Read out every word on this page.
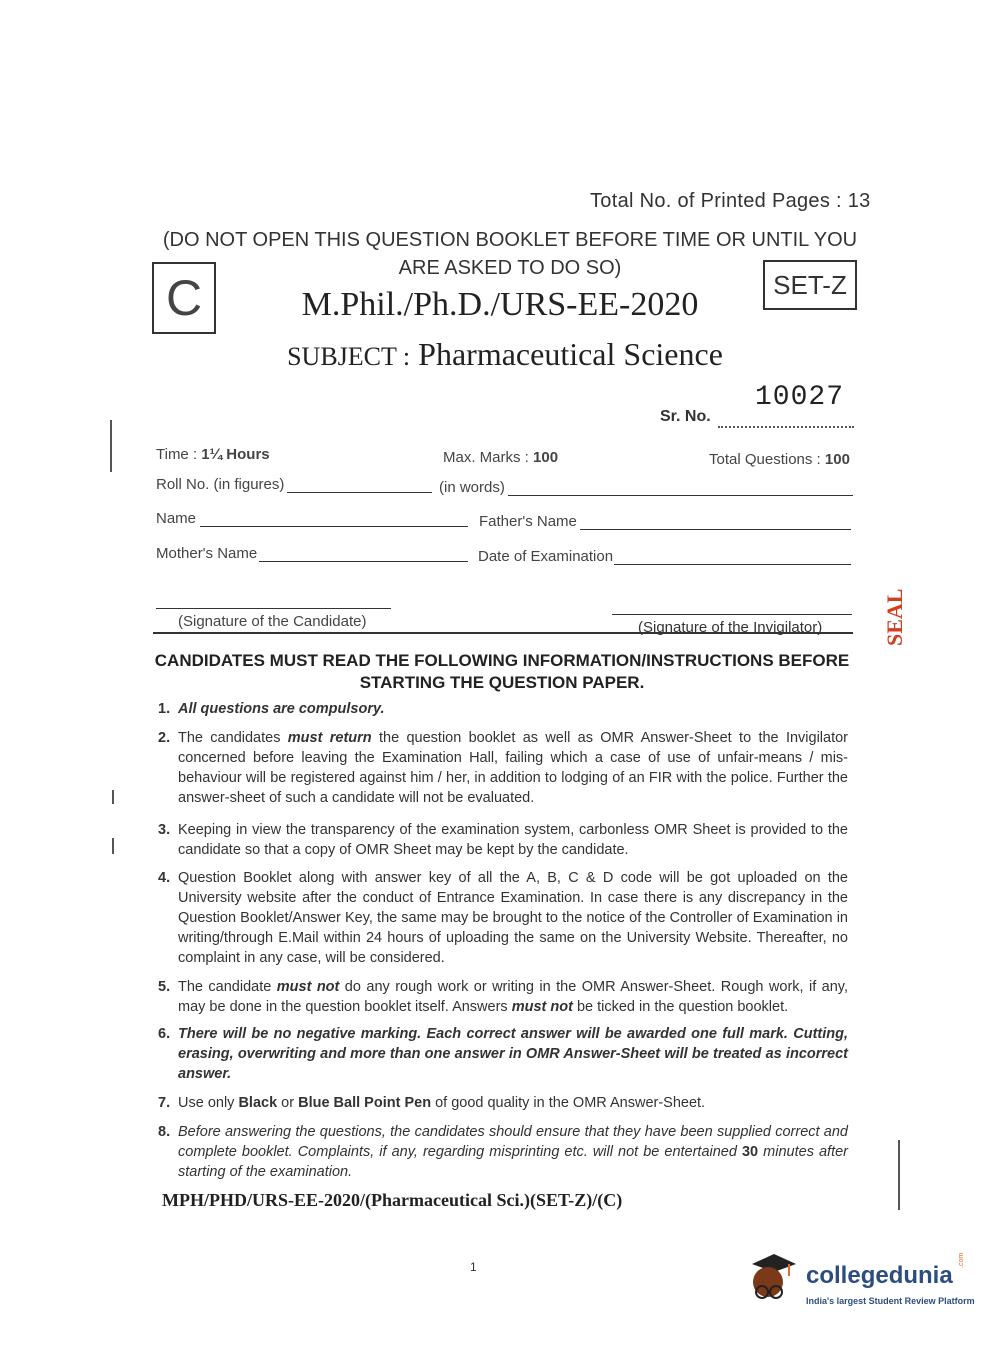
Total No. of Printed Pages : 13
(DO NOT OPEN THIS QUESTION BOOKLET BEFORE TIME OR UNTIL YOU
ARE ASKED TO DO SO)
C	SET-Z
M.Phil./Ph.D./URS-EE-2020
SUBJECT : Pharmaceutical Science
10027
Sr. No.
Time : 1¼ Hours	Max. Marks : 100	Total Questions : 100
Roll No. (in figures)	(in words)
Name	Father's Name
Mother's Name	Date of Examination
(Signature of the Candidate)	(Signature of the Invigilator)
CANDIDATES MUST READ THE FOLLOWING INFORMATION/INSTRUCTIONS BEFORE
STARTING THE QUESTION PAPER.
1. All questions are compulsory.
2. The candidates must return the question booklet as well as OMR Answer-Sheet to the Invigilator concerned before leaving the Examination Hall, failing which a case of use of unfair-means / mis-behaviour will be registered against him / her, in addition to lodging of an FIR with the police. Further the answer-sheet of such a candidate will not be evaluated.
3. Keeping in view the transparency of the examination system, carbonless OMR Sheet is provided to the candidate so that a copy of OMR Sheet may be kept by the candidate.
4. Question Booklet along with answer key of all the A, B, C & D code will be got uploaded on the University website after the conduct of Entrance Examination. In case there is any discrepancy in the Question Booklet/Answer Key, the same may be brought to the notice of the Controller of Examination in writing/through E.Mail within 24 hours of uploading the same on the University Website. Thereafter, no complaint in any case, will be considered.
5. The candidate must not do any rough work or writing in the OMR Answer-Sheet. Rough work, if any, may be done in the question booklet itself. Answers must not be ticked in the question booklet.
6. There will be no negative marking. Each correct answer will be awarded one full mark. Cutting, erasing, overwriting and more than one answer in OMR Answer-Sheet will be treated as incorrect answer.
7. Use only Black or Blue Ball Point Pen of good quality in the OMR Answer-Sheet.
8. Before answering the questions, the candidates should ensure that they have been supplied correct and complete booklet. Complaints, if any, regarding misprinting etc. will not be entertained 30 minutes after starting of the examination.
MPH/PHD/URS-EE-2020/(Pharmaceutical Sci.)(SET-Z)/(C)
1
SEAL
collegedunia
.com
India's largest Student Review Platform
